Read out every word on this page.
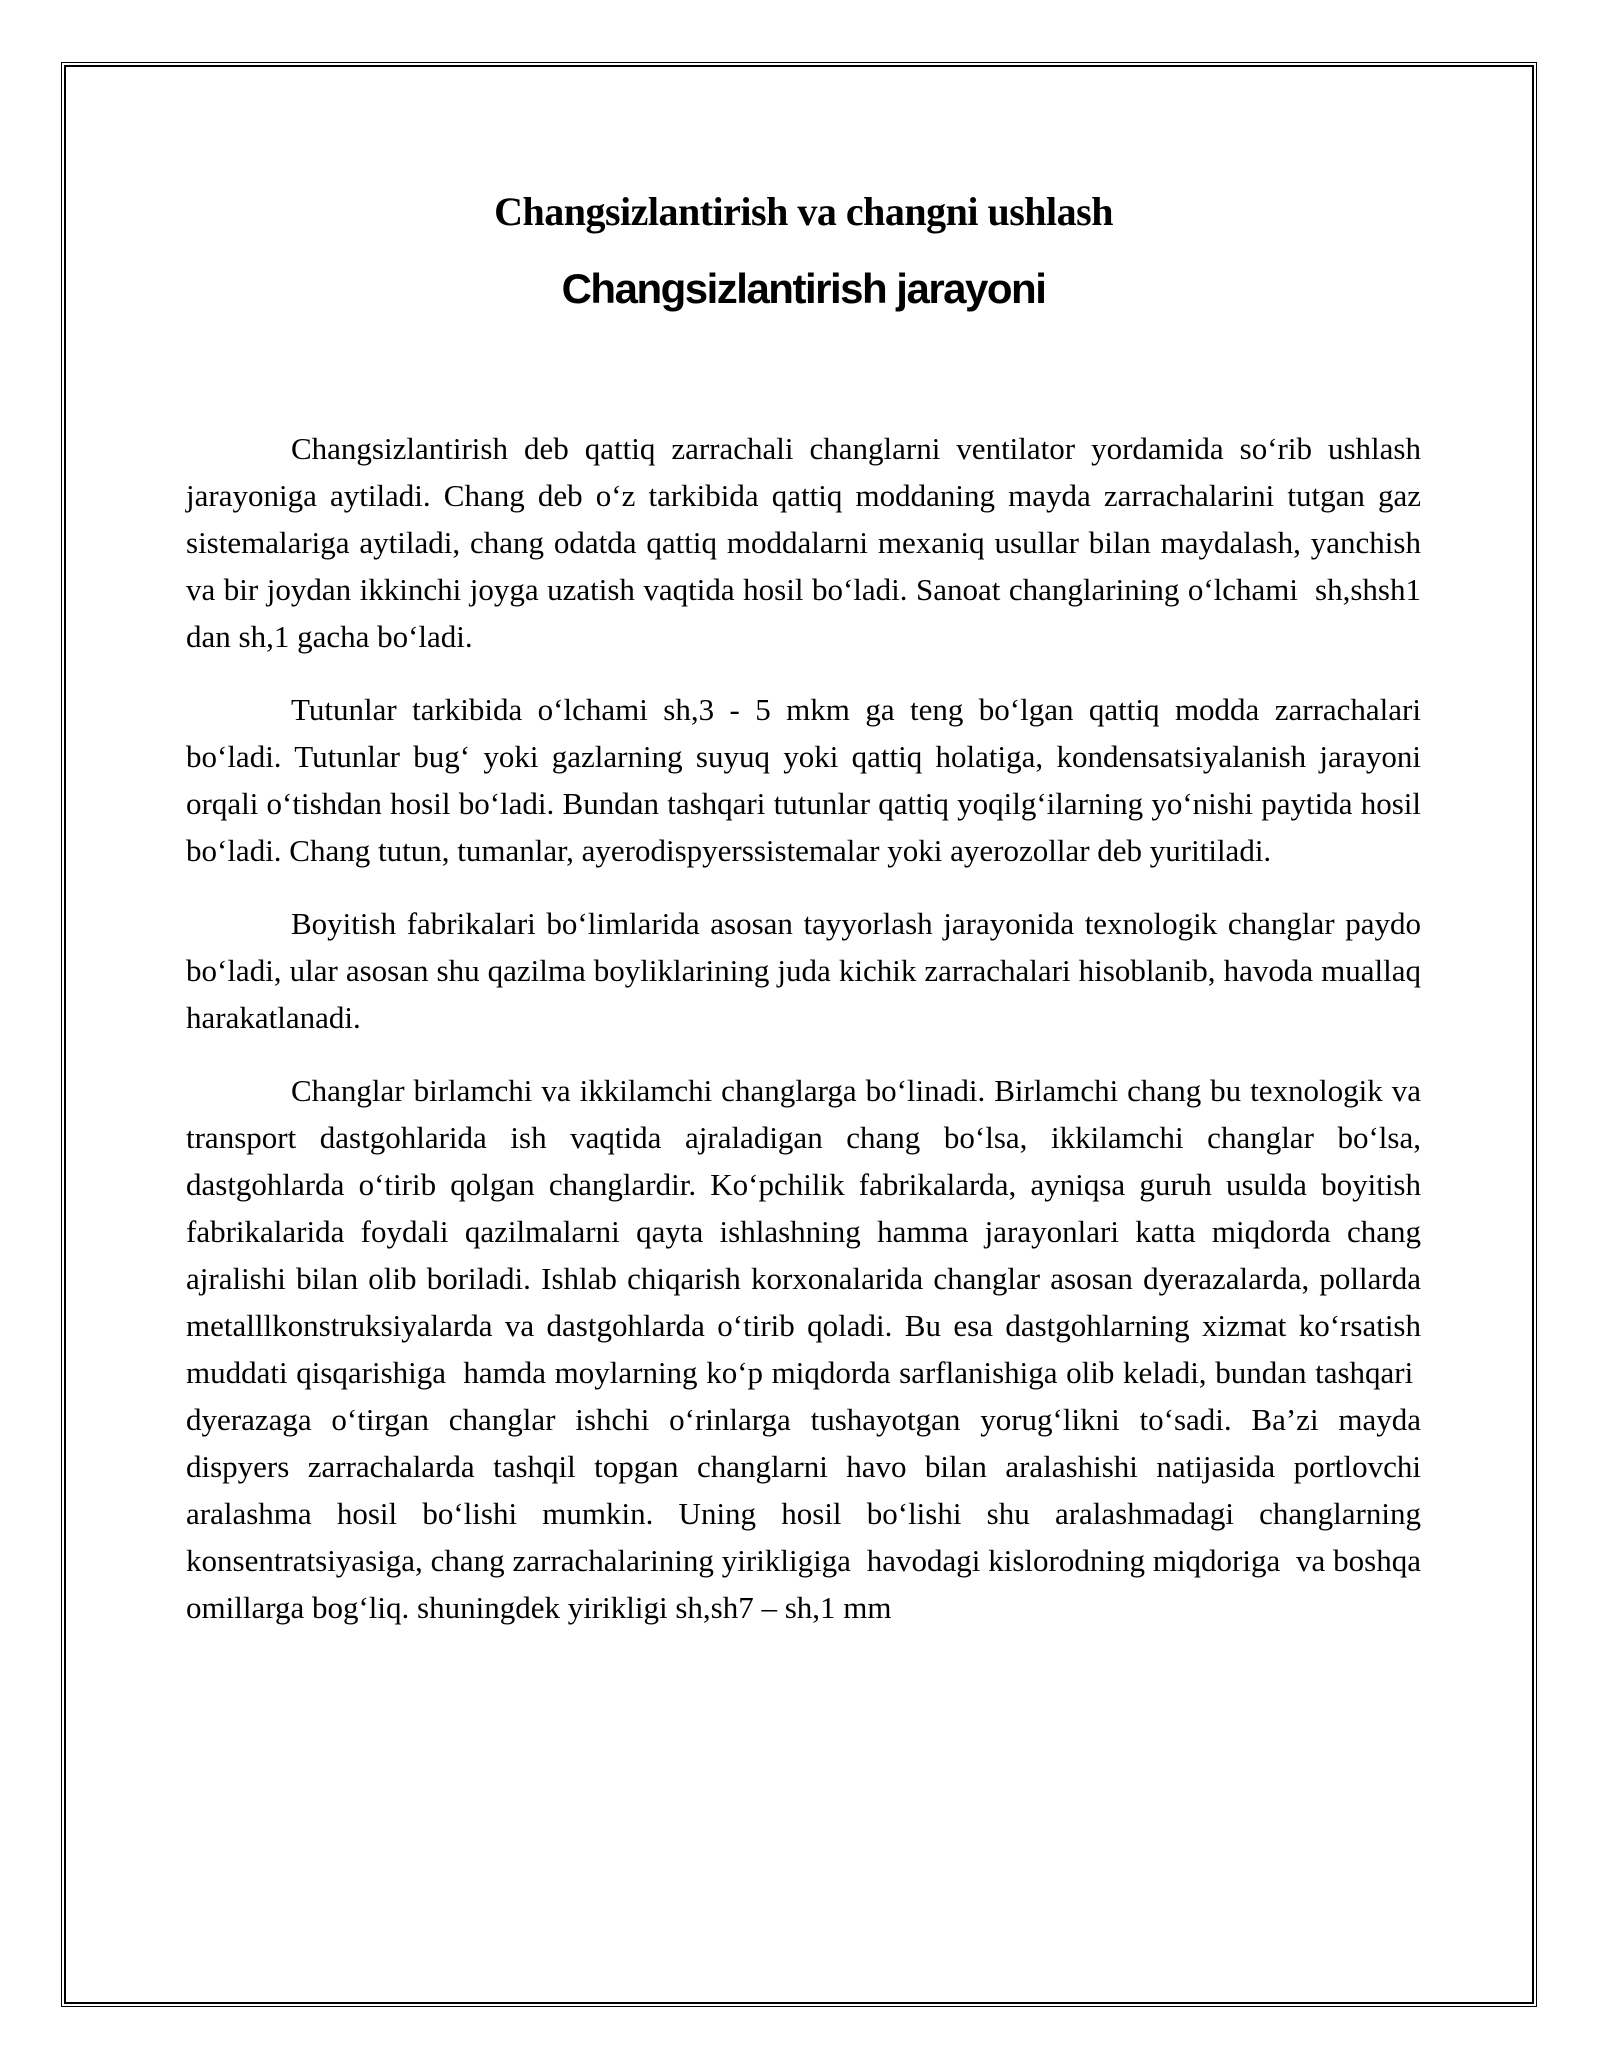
Changsizlantirish va changni ushlash
Changsizlantirish jarayoni

Changsizlantirish deb qattiq zarrachali changlarni ventilator yordamida so‘rib ushlash jarayoniga aytiladi. Chang deb o‘z tarkibida qattiq moddaning mayda zarrachalarini tutgan gaz sistemalariga aytiladi, chang odatda qattiq moddalarni mexaniq usullar bilan maydalash, yanchish va bir joydan ikkinchi joyga uzatish vaqtida hosil bo‘ladi. Sanoat changlarining o‘lchami  sh,shsh1 dan sh,1 gacha bo‘ladi.

Tutunlar tarkibida o‘lchami sh,3 - 5 mkm ga teng bo‘lgan qattiq modda zarrachalari bo‘ladi. Tutunlar bug‘ yoki gazlarning suyuq yoki qattiq holatiga, kondensatsiyalanish jarayoni orqali o‘tishdan hosil bo‘ladi. Bundan tashqari tutunlar qattiq yoqilg‘ilarning yo‘nishi paytida hosil bo‘ladi. Chang tutun, tumanlar, ayerodispyerssistemalar yoki ayerozollar deb yuritiladi.

Boyitish fabrikalari bo‘limlarida asosan tayyorlash jarayonida texnologik changlar paydo bo‘ladi, ular asosan shu qazilma boyliklarining juda kichik zarrachalari hisoblanib, havoda muallaq harakatlanadi.

Changlar birlamchi va ikkilamchi changlarga bo‘linadi. Birlamchi chang bu texnologik va transport dastgohlarida ish vaqtida ajraladigan chang bo‘lsa, ikkilamchi changlar bo‘lsa, dastgohlarda o‘tirib qolgan changlardir. Ko‘pchilik fabrikalarda, ayniqsa guruh usulda boyitish fabrikalarida foydali qazilmalarni qayta ishlashning hamma jarayonlari katta miqdorda chang ajralishi bilan olib boriladi. Ishlab chiqarish korxonalarida changlar asosan dyerazalarda, pollarda metalllkonstruksiyalarda va dastgohlarda o‘tirib qoladi. Bu esa dastgohlarning xizmat ko‘rsatish muddati qisqarishiga  hamda moylarning ko‘p miqdorda sarflanishiga olib keladi, bundan tashqari  dyerazaga o‘tirgan changlar ishchi o‘rinlarga tushayotgan yorug‘likni to‘sadi. Ba’zi mayda dispyers zarrachalarda tashqil topgan changlarni havo bilan aralashishi natijasida portlovchi aralashma hosil bo‘lishi mumkin. Uning hosil bo‘lishi shu aralashmadagi changlarning konsentratsiyasiga, chang zarrachalarining yirikligiga  havodagi kislorodning miqdoriga  va boshqa omillarga bog‘liq. shuningdek yirikligi sh,sh7 – sh,1 mm
